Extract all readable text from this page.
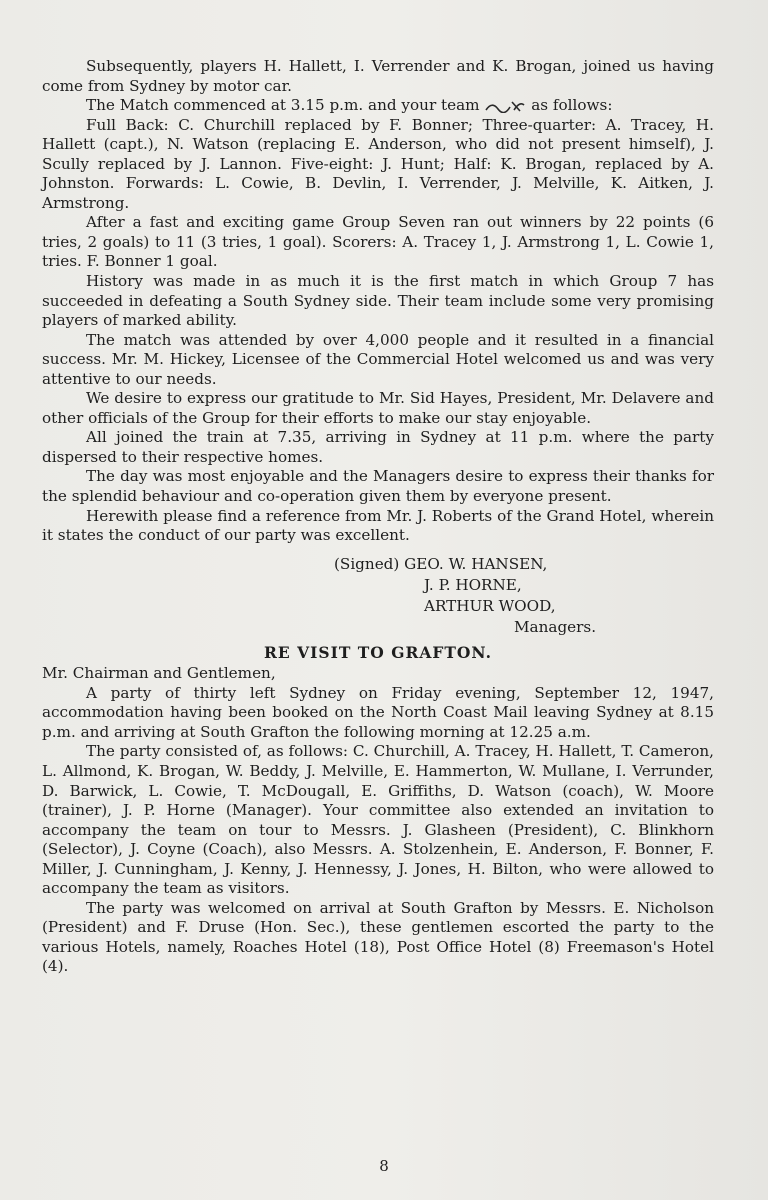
Subsequently, players H. Hallett, I. Verrender and K. Brogan, joined us having come from Sydney by motor car.

The Match commenced at 3.15 p.m. and your team	as follows:

Full Back: C. Churchill replaced by F. Bonner; Three-quarter: A. Tracey, H. Hallett (capt.), N. Watson (replacing E. Anderson, who did not present himself), J. Scully replaced by J. Lannon. Five-eight: J. Hunt; Half: K. Brogan, replaced by A. Johnston. Forwards: L. Cowie, B. Devlin, I. Verrender, J. Melville, K. Aitken, J. Armstrong.

After a fast and exciting game Group Seven ran out winners by 22 points (6 tries, 2 goals) to 11 (3 tries, 1 goal). Scorers: A. Tracey 1, J. Armstrong 1, L. Cowie 1, tries. F. Bonner 1 goal.

History was made in as much it is the first match in which Group 7 has succeeded in defeating a South Sydney side. Their team include some very promising players of marked ability.

The match was attended by over 4,000 people and it resulted in a financial success. Mr. M. Hickey, Licensee of the Commercial Hotel welcomed us and was very attentive to our needs.

We desire to express our gratitude to Mr. Sid Hayes, President, Mr. Delavere and other officials of the Group for their efforts to make our stay enjoyable.

All joined the train at 7.35, arriving in Sydney at 11 p.m. where the party dispersed to their respective homes.

The day was most enjoyable and the Managers desire to express their thanks for the splendid behaviour and co-operation given them by everyone present.

Herewith please find a reference from Mr. J. Roberts of the Grand Hotel, wherein it states the conduct of our party was excellent.

(Signed) GEO. W. HANSEN,
J. P. HORNE,
ARTHUR WOOD,
Managers.
RE VISIT TO GRAFTON.

Mr. Chairman and Gentlemen,

A party of thirty left Sydney on Friday evening, September 12, 1947, accommodation having been booked on the North Coast Mail leaving Sydney at 8.15 p.m. and arriving at South Grafton the following morning at 12.25 a.m.

The party consisted of, as follows: C. Churchill, A. Tracey, H. Hallett, T. Cameron, L. Allmond, K. Brogan, W. Beddy, J. Melville, E. Hammerton, W. Mullane, I. Verrunder, D. Barwick, L. Cowie, T. McDougall, E. Griffiths, D. Watson (coach), W. Moore (trainer), J. P. Horne (Manager). Your committee also extended an invitation to accompany the team on tour to Messrs. J. Glasheen (President), C. Blinkhorn (Selector), J. Coyne (Coach), also Messrs. A. Stolzenhein, E. Anderson, F. Bonner, F. Miller, J. Cunningham, J. Kenny, J. Hennessy, J. Jones, H. Bilton, who were allowed to accompany the team as visitors.

The party was welcomed on arrival at South Grafton by Messrs. E. Nicholson (President) and F. Druse (Hon. Sec.), these gentlemen escorted the party to the various Hotels, namely, Roaches Hotel (18), Post Office Hotel (8) Freemason's Hotel (4).

8
